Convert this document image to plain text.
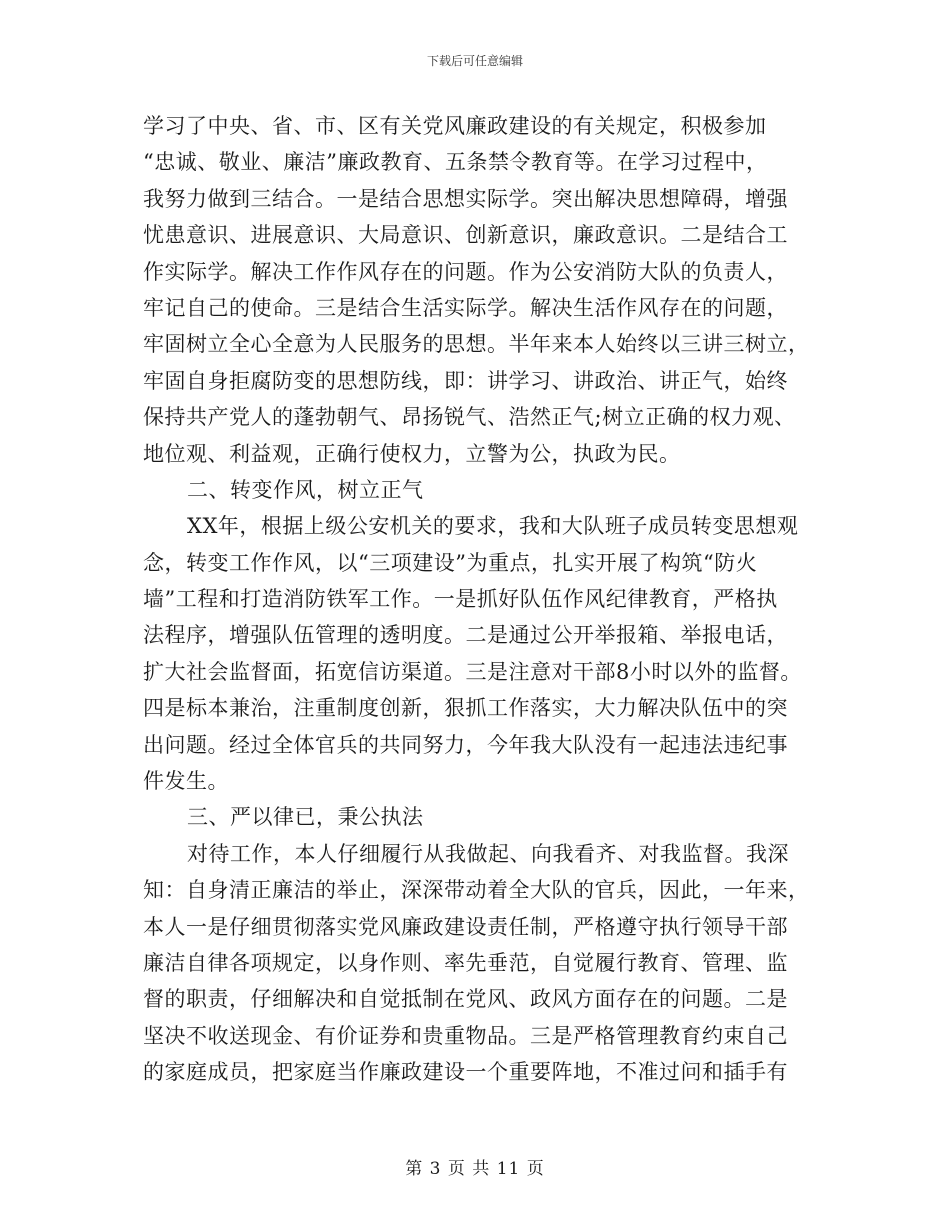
下载后可任意编辑
学习了中央、省、市、区有关党风廉政建设的有关规定，积极参加
“忠诚、敬业、廉洁”廉政教育、五条禁令教育等。在学习过程中，
我努力做到三结合。一是结合思想实际学。突出解决思想障碍，增强
忧患意识、进展意识、大局意识、创新意识，廉政意识。二是结合工
作实际学。解决工作作风存在的问题。作为公安消防大队的负责人，
牢记自己的使命。三是结合生活实际学。解决生活作风存在的问题，
牢固树立全心全意为人民服务的思想。半年来本人始终以三讲三树立，
牢固自身拒腐防变的思想防线，即：讲学习、讲政治、讲正气，始终
保持共产党人的蓬勃朝气、昂扬锐气、浩然正气;树立正确的权力观、
地位观、利益观，正确行使权力，立警为公，执政为民。
二、转变作风，树立正气
XX年，根据上级公安机关的要求，我和大队班子成员转变思想观
念，转变工作作风，以“三项建设”为重点，扎实开展了构筑“防火
墙”工程和打造消防铁军工作。一是抓好队伍作风纪律教育，严格执
法程序，增强队伍管理的透明度。二是通过公开举报箱、举报电话，
扩大社会监督面，拓宽信访渠道。三是注意对干部8小时以外的监督。
四是标本兼治，注重制度创新，狠抓工作落实，大力解决队伍中的突
出问题。经过全体官兵的共同努力，今年我大队没有一起违法违纪事
件发生。
三、严以律已，秉公执法
对待工作，本人仔细履行从我做起、向我看齐、对我监督。我深
知：自身清正廉洁的举止，深深带动着全大队的官兵，因此，一年来，
本人一是仔细贯彻落实党风廉政建设责任制，严格遵守执行领导干部
廉洁自律各项规定，以身作则、率先垂范，自觉履行教育、管理、监
督的职责，仔细解决和自觉抵制在党风、政风方面存在的问题。二是
坚决不收送现金、有价证券和贵重物品。三是严格管理教育约束自己
的家庭成员，把家庭当作廉政建设一个重要阵地，不准过问和插手有
第 3 页 共 11 页
